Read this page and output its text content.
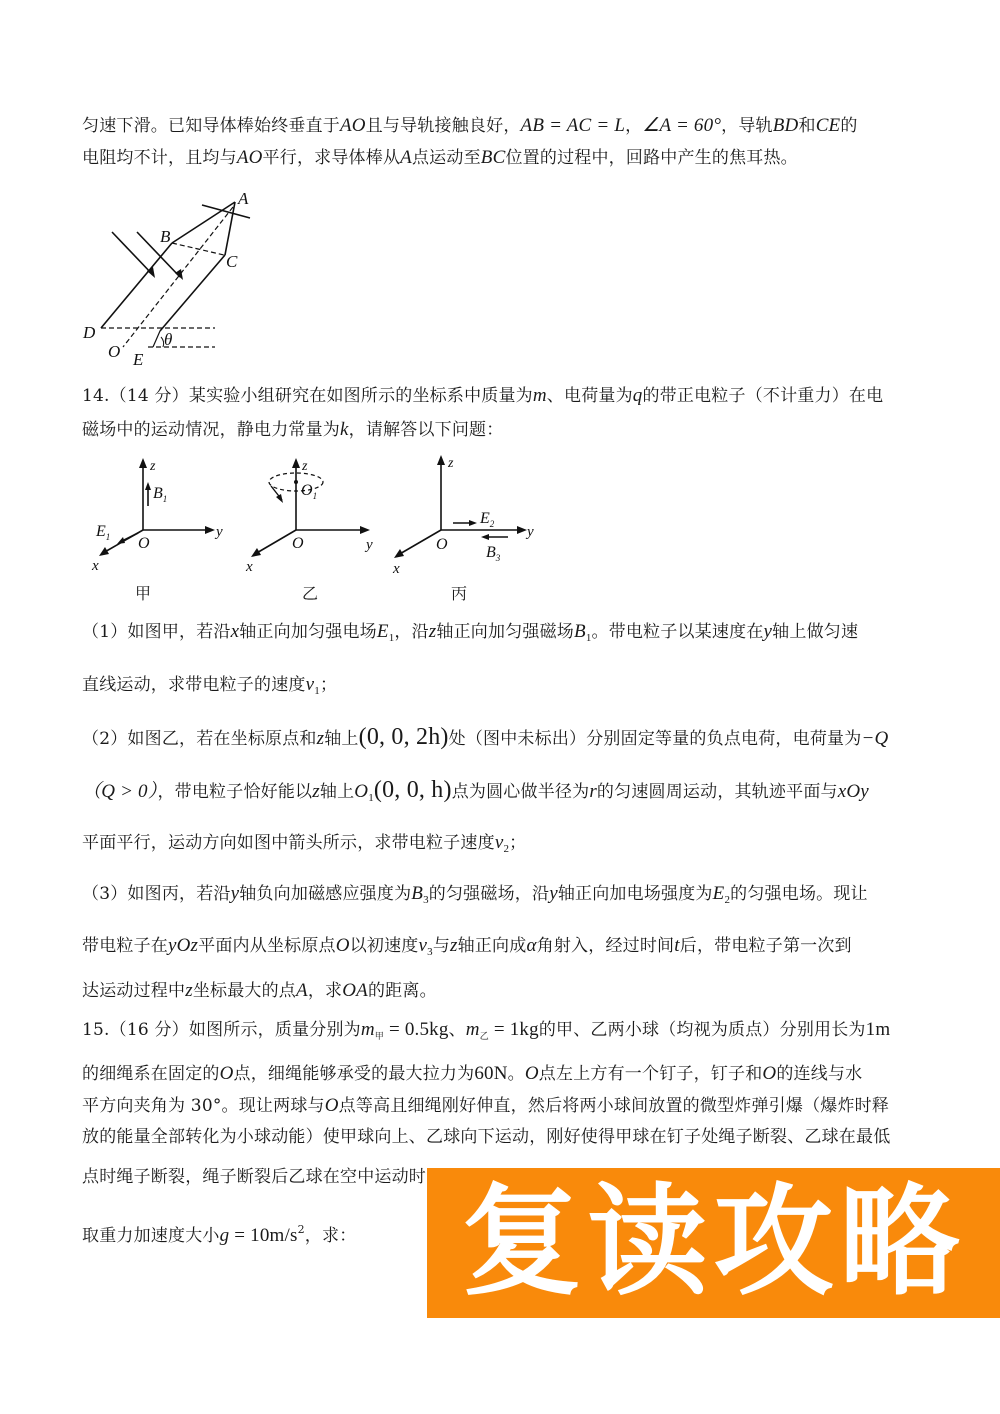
匀速下滑。已知导体棒始终垂直于AO且与导轨接触良好，AB = AC = L，∠A = 60°，导轨BD和CE的
电阻均不计，且均与AO平行，求导体棒从A点运动至BC位置的过程中，回路中产生的焦耳热。
A
B
C
D
O E
θ
14.（14 分）某实验小组研究在如图所示的坐标系中质量为m、电荷量为q的带正电粒子（不计重力）在电
磁场中的运动情况，静电力常量为k，请解答以下问题：
z
y
x
O
$B_1$
$E_1$
甲
z
y
x
O
$O_1$
乙
z
y
x
O
$E_2$
$B_3$
丙
（1）如图甲，若沿x轴正向加匀强电场$E_1$，沿z轴正向加匀强磁场$B_1$。带电粒子以某速度在y轴上做匀速
直线运动，求带电粒子的速度$v_1$；
（2）如图乙，若在坐标原点和z轴上(0, 0, 2h)处（图中未标出）分别固定等量的负点电荷，电荷量为−Q
（Q > 0），带电粒子恰好能以z轴上$O_1(0$, 0, h)点为圆心做半径为r的匀速圆周运动，其轨迹平面与xOy
平面平行，运动方向如图中箭头所示，求带电粒子速度$v_2$；
（3）如图丙，若沿y轴负向加磁感应强度为$B_3$的匀强磁场，沿y轴正向加电场强度为$E_2$的匀强电场。现让
带电粒子在yOz平面内从坐标原点O以初速度$v_3$与z轴正向成α角射入，经过时间t后，带电粒子第一次到
达运动过程中z坐标最大的点A，求OA的距离。
15.（16 分）如图所示，质量分别为$m_甲 = 0.5kg$、$m_乙 = 1kg$的甲、乙两小球（均视为质点）分别用长为1m
的细绳系在固定的O点，细绳能够承受的最大拉力为60N。O点左上方有一个钉子，钉子和O的连线与水
平方向夹角为 30°。现让两球与O点等高且细绳刚好伸直，然后将两小球间放置的微型炸弹引爆（爆炸时释
放的能量全部转化为小球动能）使甲球向上、乙球向下运动，刚好使得甲球在钉子处绳子断裂、乙球在最低
点时绳子断裂，绳子断裂后乙球在空中运动时
取重力加速度大小$g = 10m/s^2$，求： 复读攻略
